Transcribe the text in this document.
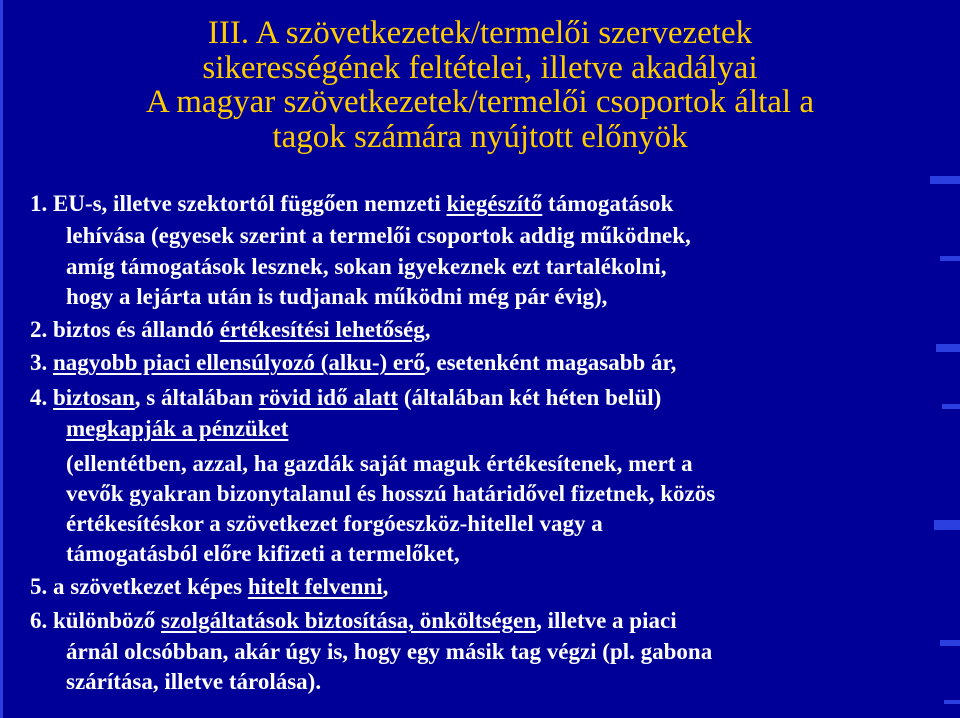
III. A szövetkezetek/termelői szervezetek
sikerességének feltételei, illetve akadályai
A magyar szövetkezetek/termelői csoportok által a
tagok számára nyújtott előnyök
1. EU-s, illetve szektortól függően nemzeti kiegészítő támogatások
lehívása (egyesek szerint a termelői csoportok addig működnek,
amíg támogatások lesznek, sokan igyekeznek ezt tartalékolni,
hogy a lejárta után is tudjanak működni még pár évig),
2. biztos és állandó értékesítési lehetőség,
3. nagyobb piaci ellensúlyozó (alku-) erő, esetenként magasabb ár,
4. biztosan, s általában rövid idő alatt (általában két héten belül)
megkapják a pénzüket
(ellentétben, azzal, ha gazdák saját maguk értékesítenek, mert a
vevők gyakran bizonytalanul és hosszú határidővel fizetnek, közös
értékesítéskor a szövetkezet forgóeszköz-hitellel vagy a
támogatásból előre kifizeti a termelőket,
5. a szövetkezet képes hitelt felvenni,
6. különböző szolgáltatások biztosítása, önköltségen, illetve a piaci
árnál olcsóbban, akár úgy is, hogy egy másik tag végzi (pl. gabona
szárítása, illetve tárolása).
